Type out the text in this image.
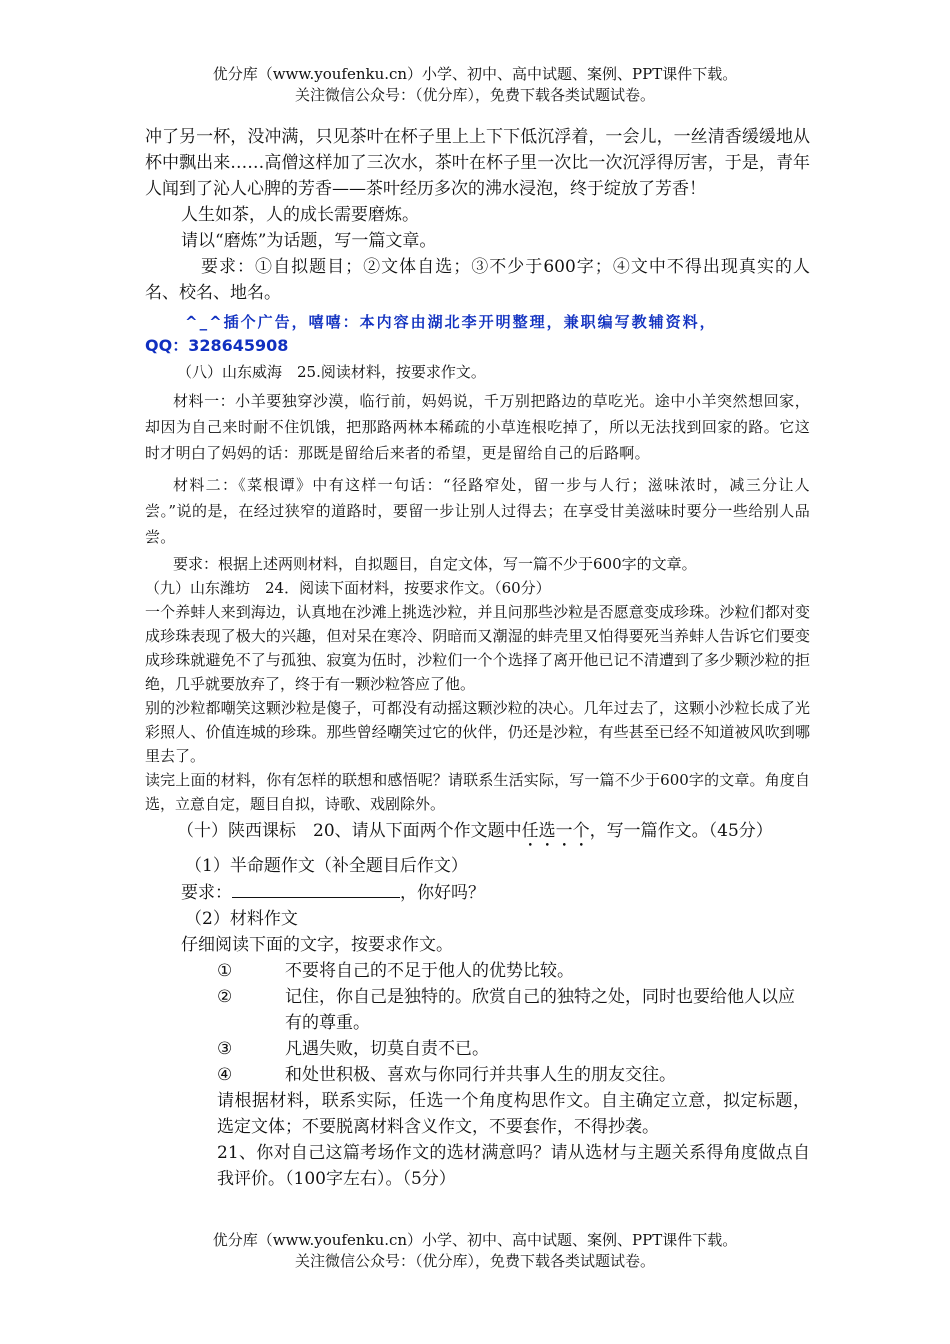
优分库（www.youfenku.cn）小学、初中、高中试题、案例、PPT课件下载。
关注微信公众号：（优分库），免费下载各类试题试卷。

冲了另一杯，没冲满，只见茶叶在杯子里上上下下低沉浮着，一会儿，一丝清香缓缓地从杯中飘出来……高僧这样加了三次水，茶叶在杯子里一次比一次沉浮得厉害，于是，青年人闻到了沁人心脾的芳香——茶叶经历多次的沸水浸泡，终于绽放了芳香！

人生如茶，人的成长需要磨炼。

请以“磨炼”为话题，写一篇文章。

要求：①自拟题目；②文体自选；③不少于600字；④文中不得出现真实的人名、校名、地名。

^_^插个广告，嘻嘻：本内容由湖北李开明整理，兼职编写教辅资料，

QQ：328645908

（八）山东威海　25.阅读材料，按要求作文。

材料一：小羊要独穿沙漠，临行前，妈妈说，千万别把路边的草吃光。途中小羊突然想回家，却因为自己来时耐不住饥饿，把那路两林本稀疏的小草连根吃掉了，所以无法找到回家的路。它这时才明白了妈妈的话：那既是留给后来者的希望，更是留给自己的后路啊。

材料二：《菜根谭》中有这样一句话：“径路窄处，留一步与人行；滋味浓时，减三分让人尝。”说的是，在经过狭窄的道路时，要留一步让别人过得去；在享受甘美滋味时要分一些给别人品尝。

要求：根据上述两则材料，自拟题目，自定文体，写一篇不少于600字的文章。

（九）山东潍坊　24．阅读下面材料，按要求作文。（60分）

一个养蚌人来到海边，认真地在沙滩上挑选沙粒，并且问那些沙粒是否愿意变成珍珠。沙粒们都对变成珍珠表现了极大的兴趣，但对呆在寒冷、阴暗而又潮湿的蚌壳里又怕得要死当养蚌人告诉它们要变成珍珠就避免不了与孤独、寂寞为伍时，沙粒们一个个选择了离开他已记不清遭到了多少颗沙粒的拒绝，几乎就要放弃了，终于有一颗沙粒答应了他。

别的沙粒都嘲笑这颗沙粒是傻子，可都没有动摇这颗沙粒的决心。几年过去了，这颗小沙粒长成了光彩照人、价值连城的珍珠。那些曾经嘲笑过它的伙伴，仍还是沙粒，有些甚至已经不知道被风吹到哪里去了。

读完上面的材料，你有怎样的联想和感悟呢？请联系生活实际，写一篇不少于600字的文章。角度自选，立意自定，题目自拟，诗歌、戏剧除外。

（十）陕西课标　20、请从下面两个作文题中任选一个，写一篇作文。（45分）

（1）半命题作文（补全题目后作文）

要求：	，你好吗？

（2）材料作文

仔细阅读下面的文字，按要求作文。

①	不要将自己的不足于他人的优势比较。
②	记住，你自己是独特的。欣赏自己的独特之处，同时也要给他人以应有的尊重。
③	凡遇失败，切莫自责不已。
④	和处世积极、喜欢与你同行并共事人生的朋友交往。

请根据材料，联系实际，任选一个角度构思作文。自主确定立意，拟定标题，选定文体；不要脱离材料含义作文，不要套作，不得抄袭。

21、你对自己这篇考场作文的选材满意吗？请从选材与主题关系得角度做点自我评价。（100字左右）。（5分）

优分库（www.youfenku.cn）小学、初中、高中试题、案例、PPT课件下载。
关注微信公众号：（优分库），免费下载各类试题试卷。
